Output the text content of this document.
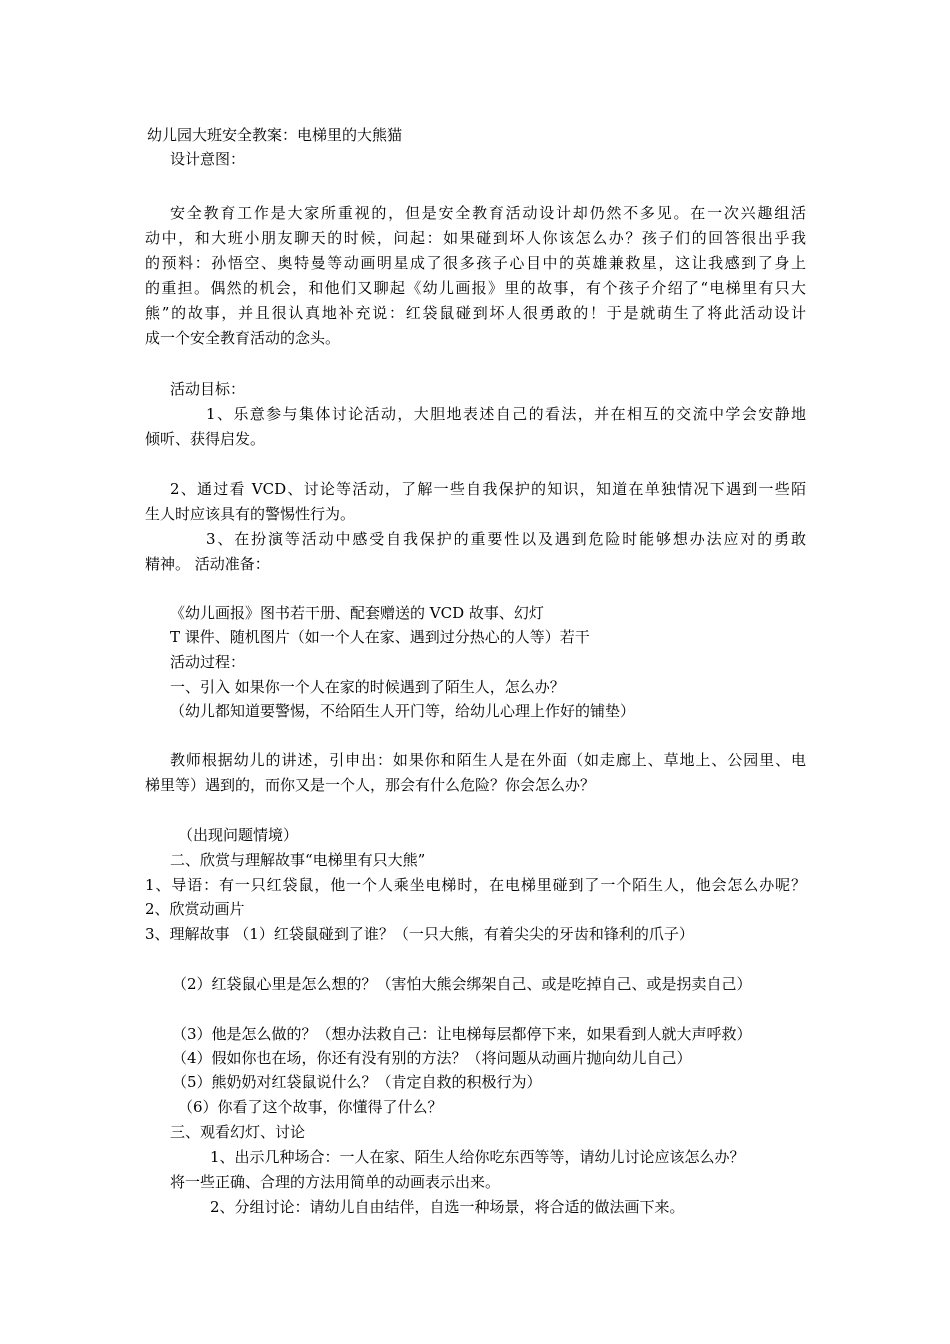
幼儿园大班安全教案：电梯里的大熊猫

设计意图：

安全教育工作是大家所重视的，但是安全教育活动设计却仍然不多见。在一次兴趣组活

动中，和大班小朋友聊天的时候，问起：如果碰到坏人你该怎么办？孩子们的回答很出乎我

的预料：孙悟空、奥特曼等动画明星成了很多孩子心目中的英雄兼救星，这让我感到了身上

的重担。偶然的机会，和他们又聊起《幼儿画报》里的故事，有个孩子介绍了“电梯里有只大

熊”的故事，并且很认真地补充说：红袋鼠碰到坏人很勇敢的！于是就萌生了将此活动设计

成一个安全教育活动的念头。

活动目标：

1、乐意参与集体讨论活动，大胆地表述自己的看法，并在相互的交流中学会安静地

倾听、获得启发。

2、通过看 VCD、讨论等活动，了解一些自我保护的知识，知道在单独情况下遇到一些陌

生人时应该具有的警惕性行为。

3、在扮演等活动中感受自我保护的重要性以及遇到危险时能够想办法应对的勇敢

精神。 活动准备：

《幼儿画报》图书若干册、配套赠送的 VCD 故事、幻灯

T 课件、随机图片（如一个人在家、遇到过分热心的人等）若干

活动过程：

一、引入 如果你一个人在家的时候遇到了陌生人，怎么办？

（幼儿都知道要警惕，不给陌生人开门等，给幼儿心理上作好的铺垫）

教师根据幼儿的讲述，引申出：如果你和陌生人是在外面（如走廊上、草地上、公园里、电

梯里等）遇到的，而你又是一个人，那会有什么危险？你会怎么办？

（出现问题情境）

二、欣赏与理解故事“电梯里有只大熊”

1、导语：有一只红袋鼠，他一个人乘坐电梯时，在电梯里碰到了一个陌生人，他会怎么办呢？

2、欣赏动画片

3、理解故事 （1）红袋鼠碰到了谁？（一只大熊，有着尖尖的牙齿和锋利的爪子）

（2）红袋鼠心里是怎么想的？（害怕大熊会绑架自己、或是吃掉自己、或是拐卖自己）

（3）他是怎么做的？（想办法救自己：让电梯每层都停下来，如果看到人就大声呼救）

（4）假如你也在场，你还有没有别的方法？（将问题从动画片抛向幼儿自己）

（5）熊奶奶对红袋鼠说什么？（肯定自救的积极行为）

（6）你看了这个故事，你懂得了什么？

三、观看幻灯、讨论

1、出示几种场合：一人在家、陌生人给你吃东西等等，请幼儿讨论应该怎么办？

将一些正确、合理的方法用简单的动画表示出来。

2、分组讨论：请幼儿自由结伴，自选一种场景，将合适的做法画下来。
